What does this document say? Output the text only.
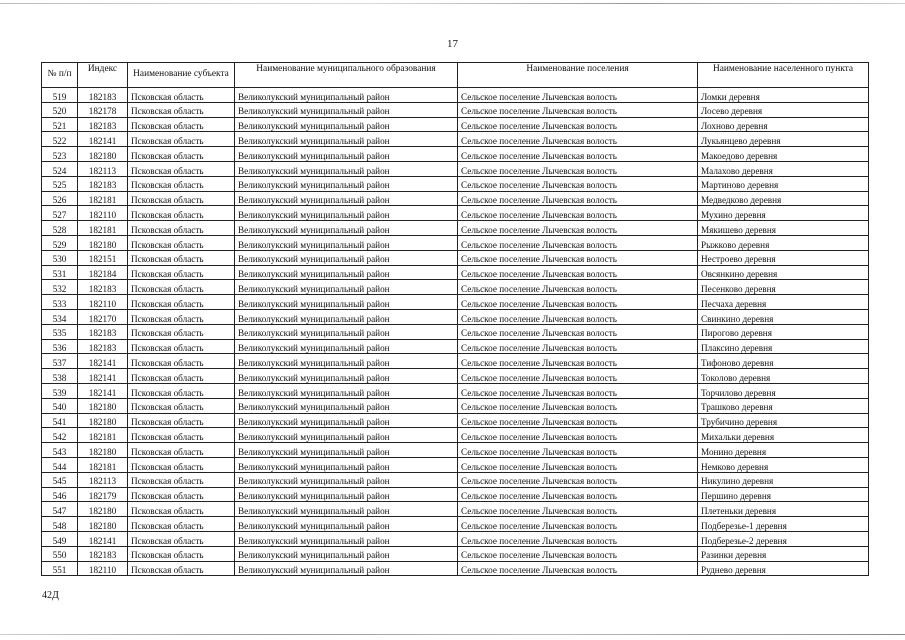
17
№ п/п	Индекс	Наименование субъекта	Наименование муниципального образования	Наименование поселения	Наименование населенного пункта
519	182183	Псковская область	Великолукский муниципальный район	Сельское поселение Лычевская волость	Ломки деревня
520	182178	Псковская область	Великолукский муниципальный район	Сельское поселение Лычевская волость	Лосево деревня
521	182183	Псковская область	Великолукский муниципальный район	Сельское поселение Лычевская волость	Лохново деревня
522	182141	Псковская область	Великолукский муниципальный район	Сельское поселение Лычевская волость	Лукьянцево деревня
523	182180	Псковская область	Великолукский муниципальный район	Сельское поселение Лычевская волость	Макоедово деревня
524	182113	Псковская область	Великолукский муниципальный район	Сельское поселение Лычевская волость	Малахово деревня
525	182183	Псковская область	Великолукский муниципальный район	Сельское поселение Лычевская волость	Мартиново деревня
526	182181	Псковская область	Великолукский муниципальный район	Сельское поселение Лычевская волость	Медведково деревня
527	182110	Псковская область	Великолукский муниципальный район	Сельское поселение Лычевская волость	Мухино деревня
528	182181	Псковская область	Великолукский муниципальный район	Сельское поселение Лычевская волость	Мякишево деревня
529	182180	Псковская область	Великолукский муниципальный район	Сельское поселение Лычевская волость	Рыжково деревня
530	182151	Псковская область	Великолукский муниципальный район	Сельское поселение Лычевская волость	Нестроево деревня
531	182184	Псковская область	Великолукский муниципальный район	Сельское поселение Лычевская волость	Овсянкино деревня
532	182183	Псковская область	Великолукский муниципальный район	Сельское поселение Лычевская волость	Песенково деревня
533	182110	Псковская область	Великолукский муниципальный район	Сельское поселение Лычевская волость	Песчаха деревня
534	182170	Псковская область	Великолукский муниципальный район	Сельское поселение Лычевская волость	Свинкино деревня
535	182183	Псковская область	Великолукский муниципальный район	Сельское поселение Лычевская волость	Пирогово деревня
536	182183	Псковская область	Великолукский муниципальный район	Сельское поселение Лычевская волость	Плаксино деревня
537	182141	Псковская область	Великолукский муниципальный район	Сельское поселение Лычевская волость	Тифоново деревня
538	182141	Псковская область	Великолукский муниципальный район	Сельское поселение Лычевская волость	Токолово деревня
539	182141	Псковская область	Великолукский муниципальный район	Сельское поселение Лычевская волость	Торчилово деревня
540	182180	Псковская область	Великолукский муниципальный район	Сельское поселение Лычевская волость	Трашково деревня
541	182180	Псковская область	Великолукский муниципальный район	Сельское поселение Лычевская волость	Трубичино деревня
542	182181	Псковская область	Великолукский муниципальный район	Сельское поселение Лычевская волость	Михальки деревня
543	182180	Псковская область	Великолукский муниципальный район	Сельское поселение Лычевская волость	Монино деревня
544	182181	Псковская область	Великолукский муниципальный район	Сельское поселение Лычевская волость	Немково деревня
545	182113	Псковская область	Великолукский муниципальный район	Сельское поселение Лычевская волость	Никулино деревня
546	182179	Псковская область	Великолукский муниципальный район	Сельское поселение Лычевская волость	Першино деревня
547	182180	Псковская область	Великолукский муниципальный район	Сельское поселение Лычевская волость	Плетеньки деревня
548	182180	Псковская область	Великолукский муниципальный район	Сельское поселение Лычевская волость	Подберезье-1 деревня
549	182141	Псковская область	Великолукский муниципальный район	Сельское поселение Лычевская волость	Подберезье-2 деревня
550	182183	Псковская область	Великолукский муниципальный район	Сельское поселение Лычевская волость	Разинки деревня
551	182110	Псковская область	Великолукский муниципальный район	Сельское поселение Лычевская волость	Руднево деревня
42Д
